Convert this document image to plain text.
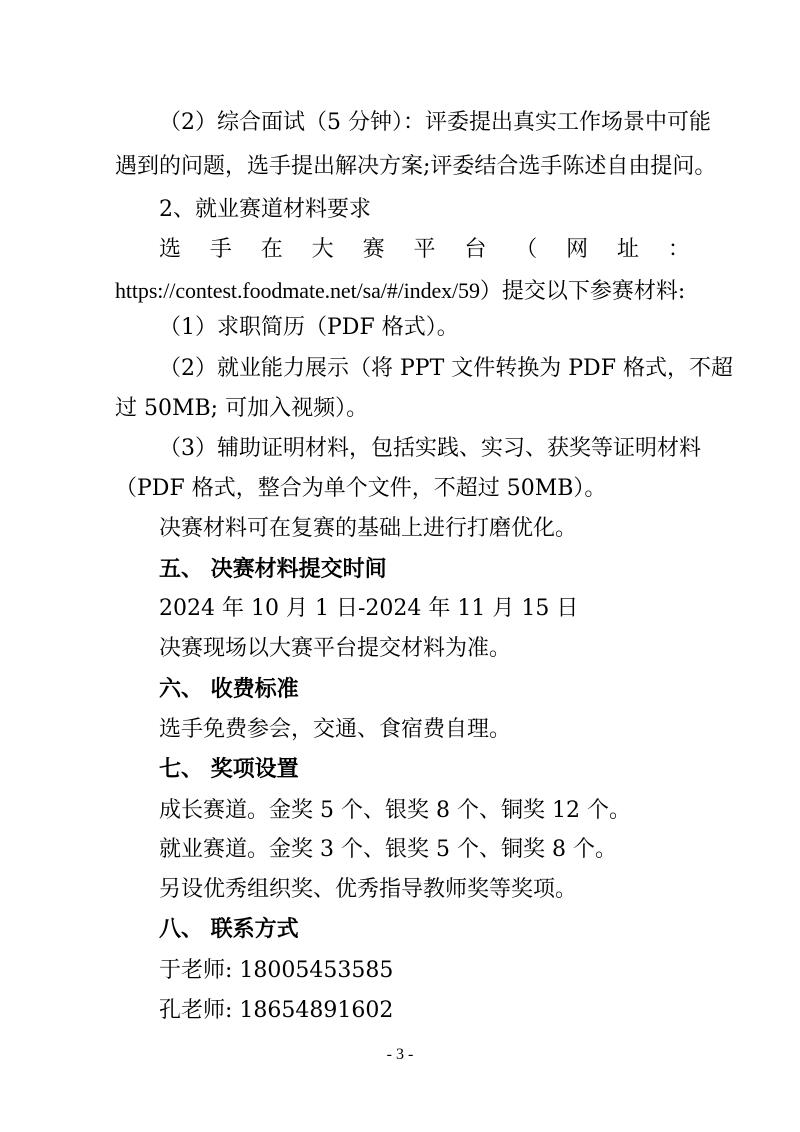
（2）综合面试（5 分钟）：评委提出真实工作场景中可能
遇到的问题，选手提出解决方案;评委结合选手陈述自由提问。
2、就业赛道材料要求
选 手 在 大 赛 平 台 （ 网 址 ：
https://contest.foodmate.net/sa/#/index/59）提交以下参赛材料:
（1）求职简历（PDF 格式）。
（2）就业能力展示（将 PPT 文件转换为 PDF 格式，不超
过 50MB; 可加入视频）。
（3）辅助证明材料，包括实践、实习、获奖等证明材料
（PDF 格式，整合为单个文件，不超过 50MB）。
决赛材料可在复赛的基础上进行打磨优化。
五、 决赛材料提交时间
2024 年 10 月 1 日-2024 年 11 月 15 日
决赛现场以大赛平台提交材料为准。
六、 收费标准
选手免费参会，交通、食宿费自理。
七、 奖项设置
成长赛道。金奖 5 个、银奖 8 个、铜奖 12 个。
就业赛道。金奖 3 个、银奖 5 个、铜奖 8 个。
另设优秀组织奖、优秀指导教师奖等奖项。
八、 联系方式
于老师: 18005453585
孔老师: 18654891602
- 3 -
